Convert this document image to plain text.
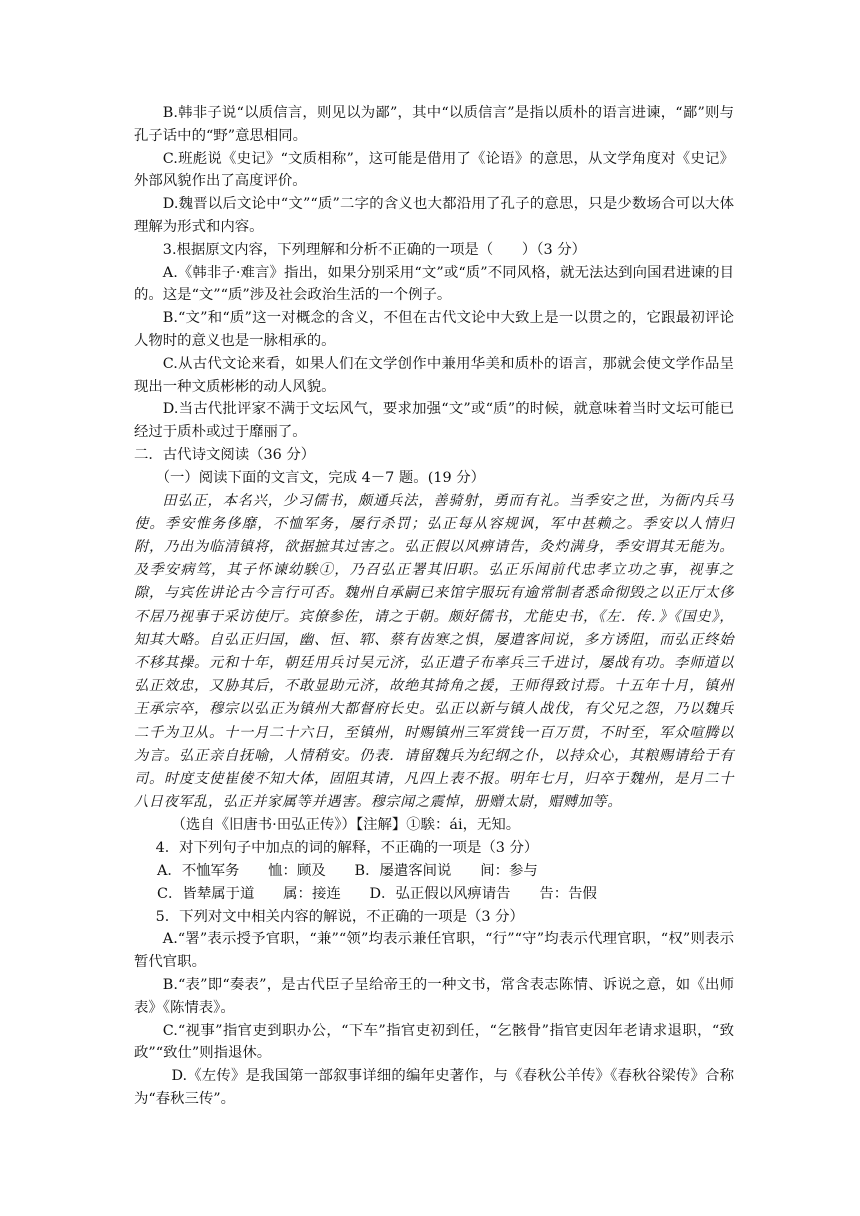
B.韩非子说“以质信言，则见以为鄙”，其中“以质信言”是指以质朴的语言进谏，“鄙”则与孔子话中的“野”意思相同。

C.班彪说《史记》“文质相称”，这可能是借用了《论语》的意思，从文学角度对《史记》外部风貌作出了高度评价。

D.魏晋以后文论中“文”“质”二字的含义也大都沿用了孔子的意思，只是少数场合可以大体理解为形式和内容。

3.根据原文内容，下列理解和分析不正确的一项是（　　）（3 分）

A.《韩非子·难言》指出，如果分别采用“文”或“质”不同风格，就无法达到向国君进谏的目的。这是“文”“质”涉及社会政治生活的一个例子。

B.“文”和“质”这一对概念的含义，不但在古代文论中大致上是一以贯之的，它跟最初评论人物时的意义也是一脉相承的。

C.从古代文论来看，如果人们在文学创作中兼用华美和质朴的语言，那就会使文学作品呈现出一种文质彬彬的动人风貌。

D.当古代批评家不满于文坛风气，要求加强“文”或“质”的时候，就意味着当时文坛可能已经过于质朴或过于靡丽了。

二．古代诗文阅读（36 分）

（一）阅读下面的文言文，完成 4－7 题。(19 分）

田弘正，本名兴，少习儒书，颇通兵法，善骑射，勇而有礼。当季安之世，为衙内兵马使。季安惟务侈靡，不恤军务，屡行杀罚；弘正每从容规讽，军中甚赖之。季安以人情归附，乃出为临清镇将，欲据摭其过害之。弘正假以风痹请告，灸灼满身，季安谓其无能为。及季安病笃，其子怀谏幼騃①，乃召弘正署其旧职。弘正乐闻前代忠孝立功之事，视事之隙，与宾佐讲论古今言行可否。魏州自承嗣已来馆宇服玩有逾常制者悉命彻毁之以正厅太侈不居乃视事于采访使厅。宾僚参佐，请之于朝。颇好儒书，尤能史书，《左．传．》《国史》，知其大略。自弘正归国，幽、恒、郓、蔡有齿寒之惧，屡遣客间说，多方诱阻，而弘正终始不移其操。元和十年，朝廷用兵讨吴元济，弘正遣子布率兵三千进讨，屡战有功。李师道以弘正效忠，又胁其后，不敢显助元济，故绝其掎角之援，王师得致讨焉。十五年十月，镇州王承宗卒，穆宗以弘正为镇州大都督府长史。弘正以新与镇人战伐，有父兄之怨，乃以魏兵二千为卫从。十一月二十六日，至镇州，时赐镇州三军赏钱一百万贯，不时至，军众喧腾以为言。弘正亲自抚喻，人情稍安。仍表．请留魏兵为纪纲之仆，以持众心，其粮赐请给于有司。时度支使崔倰不知大体，固阻其请，凡四上表不报。明年七月，归卒于魏州，是月二十八日夜军乱，弘正并家属等并遇害。穆宗闻之震悼，册赠太尉，赗赙加等。

（选自《旧唐书·田弘正传》）【注解】①騃：ái，无知。

4．对下列句子中加点的词的解释，不正确的一项是（3 分）

A．不恤军务　　恤：顾及　　B．屡遣客间说　　间：参与

C．皆辇属于道　　属：接连　　D．弘正假以风痹请告　　告：告假

5．下列对文中相关内容的解说，不正确的一项是（3 分）

A.“署”表示授予官职，“兼”“领”均表示兼任官职，“行”“守”均表示代理官职，“权”则表示暂代官职。

B.“表”即“奏表”，是古代臣子呈给帝王的一种文书，常含表志陈情、诉说之意，如《出师表》《陈情表》。

C.“视事”指官吏到职办公，“下车”指官吏初到任，“乞骸骨”指官吏因年老请求退职，“致政”“致仕”则指退休。

D.《左传》是我国第一部叙事详细的编年史著作，与《春秋公羊传》《春秋谷梁传》合称为“春秋三传”。
